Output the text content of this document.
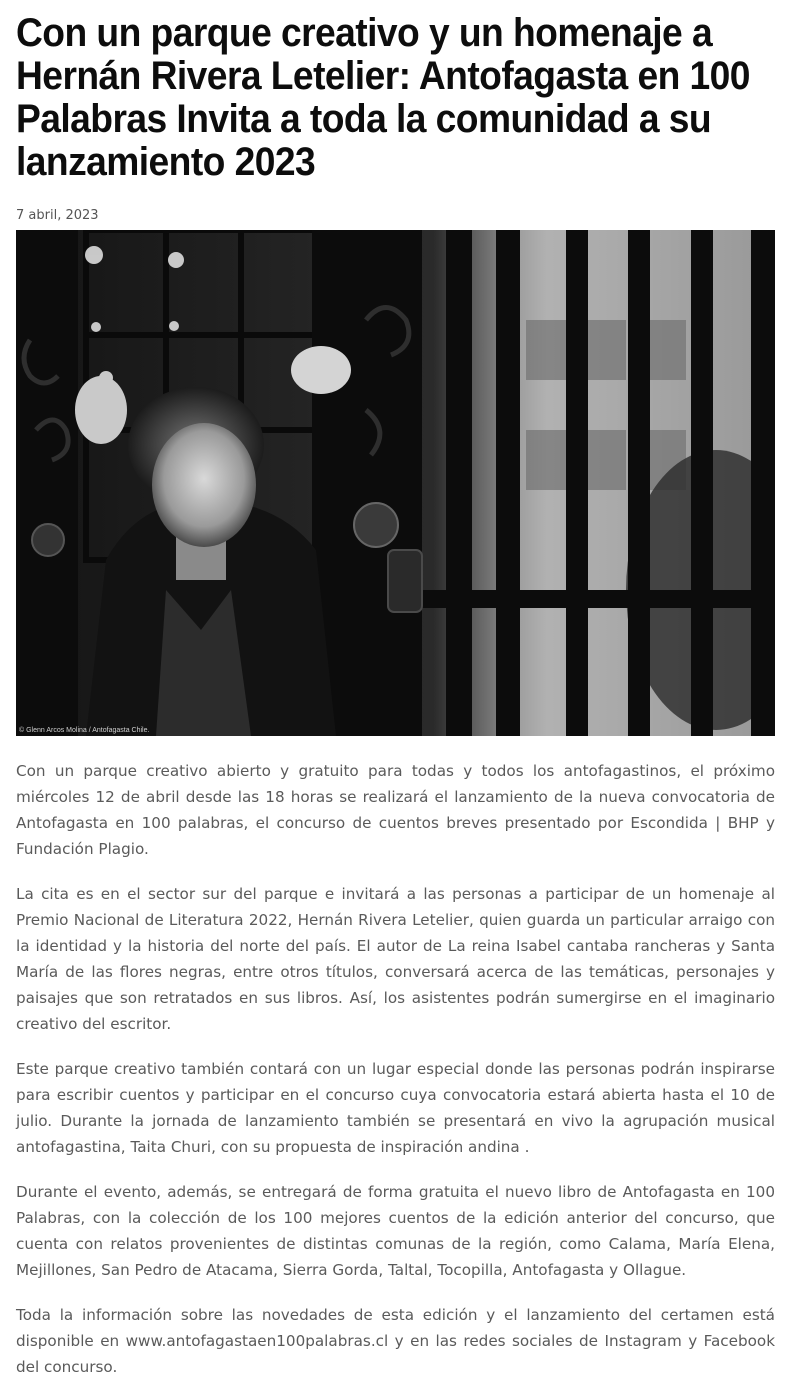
Con un parque creativo y un homenaje a Hernán Rivera Letelier: Antofagasta en 100 Palabras Invita a toda la comunidad a su lanzamiento 2023
7 abril, 2023
© Glenn Arcos Molina / Antofagasta Chile.

Con un parque creativo abierto y gratuito para todas y todos los antofagastinos, el próximo miércoles 12 de abril desde las 18 horas se realizará el lanzamiento de la nueva convocatoria de Antofagasta en 100 palabras, el concurso de cuentos breves presentado por Escondida | BHP y Fundación Plagio.

La cita es en el sector sur del parque e invitará a las personas a participar de un homenaje al Premio Nacional de Literatura 2022, Hernán Rivera Letelier, quien guarda un particular arraigo con la identidad y la historia del norte del país. El autor de La reina Isabel cantaba rancheras y Santa María de las flores negras, entre otros títulos, conversará acerca de las temáticas, personajes y paisajes que son retratados en sus libros. Así, los asistentes podrán sumergirse en el imaginario creativo del escritor.

Este parque creativo también contará con un lugar especial donde las personas podrán inspirarse para escribir cuentos y participar en el concurso cuya convocatoria estará abierta hasta el 10 de julio. Durante la jornada de lanzamiento también se presentará en vivo la agrupación musical antofagastina, Taita Churi, con su propuesta de inspiración andina .

Durante el evento, además, se entregará de forma gratuita el nuevo libro de Antofagasta en 100 Palabras, con la colección de los 100 mejores cuentos de la edición anterior del concurso, que cuenta con relatos provenientes de distintas comunas de la región, como Calama, María Elena, Mejillones, San Pedro de Atacama, Sierra Gorda, Taltal, Tocopilla, Antofagasta y Ollague.

Toda la información sobre las novedades de esta edición y el lanzamiento del certamen está disponible en www.antofagastaen100palabras.cl y en las redes sociales de Instagram y Facebook del concurso.
